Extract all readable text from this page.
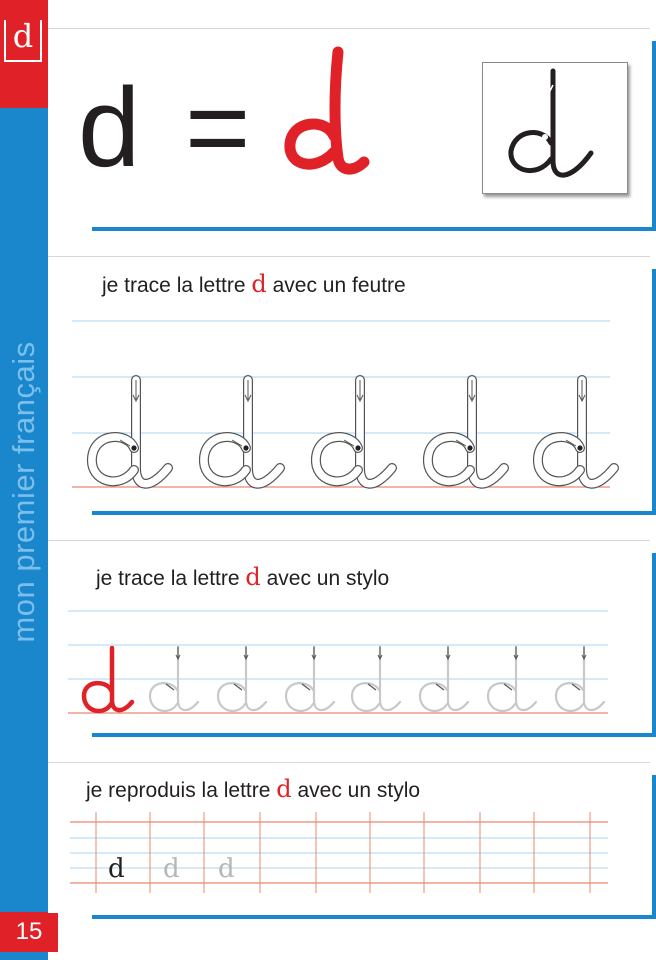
d
mon premier français
15
d =
je trace la lettre d avec un feutre
je trace la lettre d avec un stylo
je reproduis la lettre d avec un stylo
d d d
